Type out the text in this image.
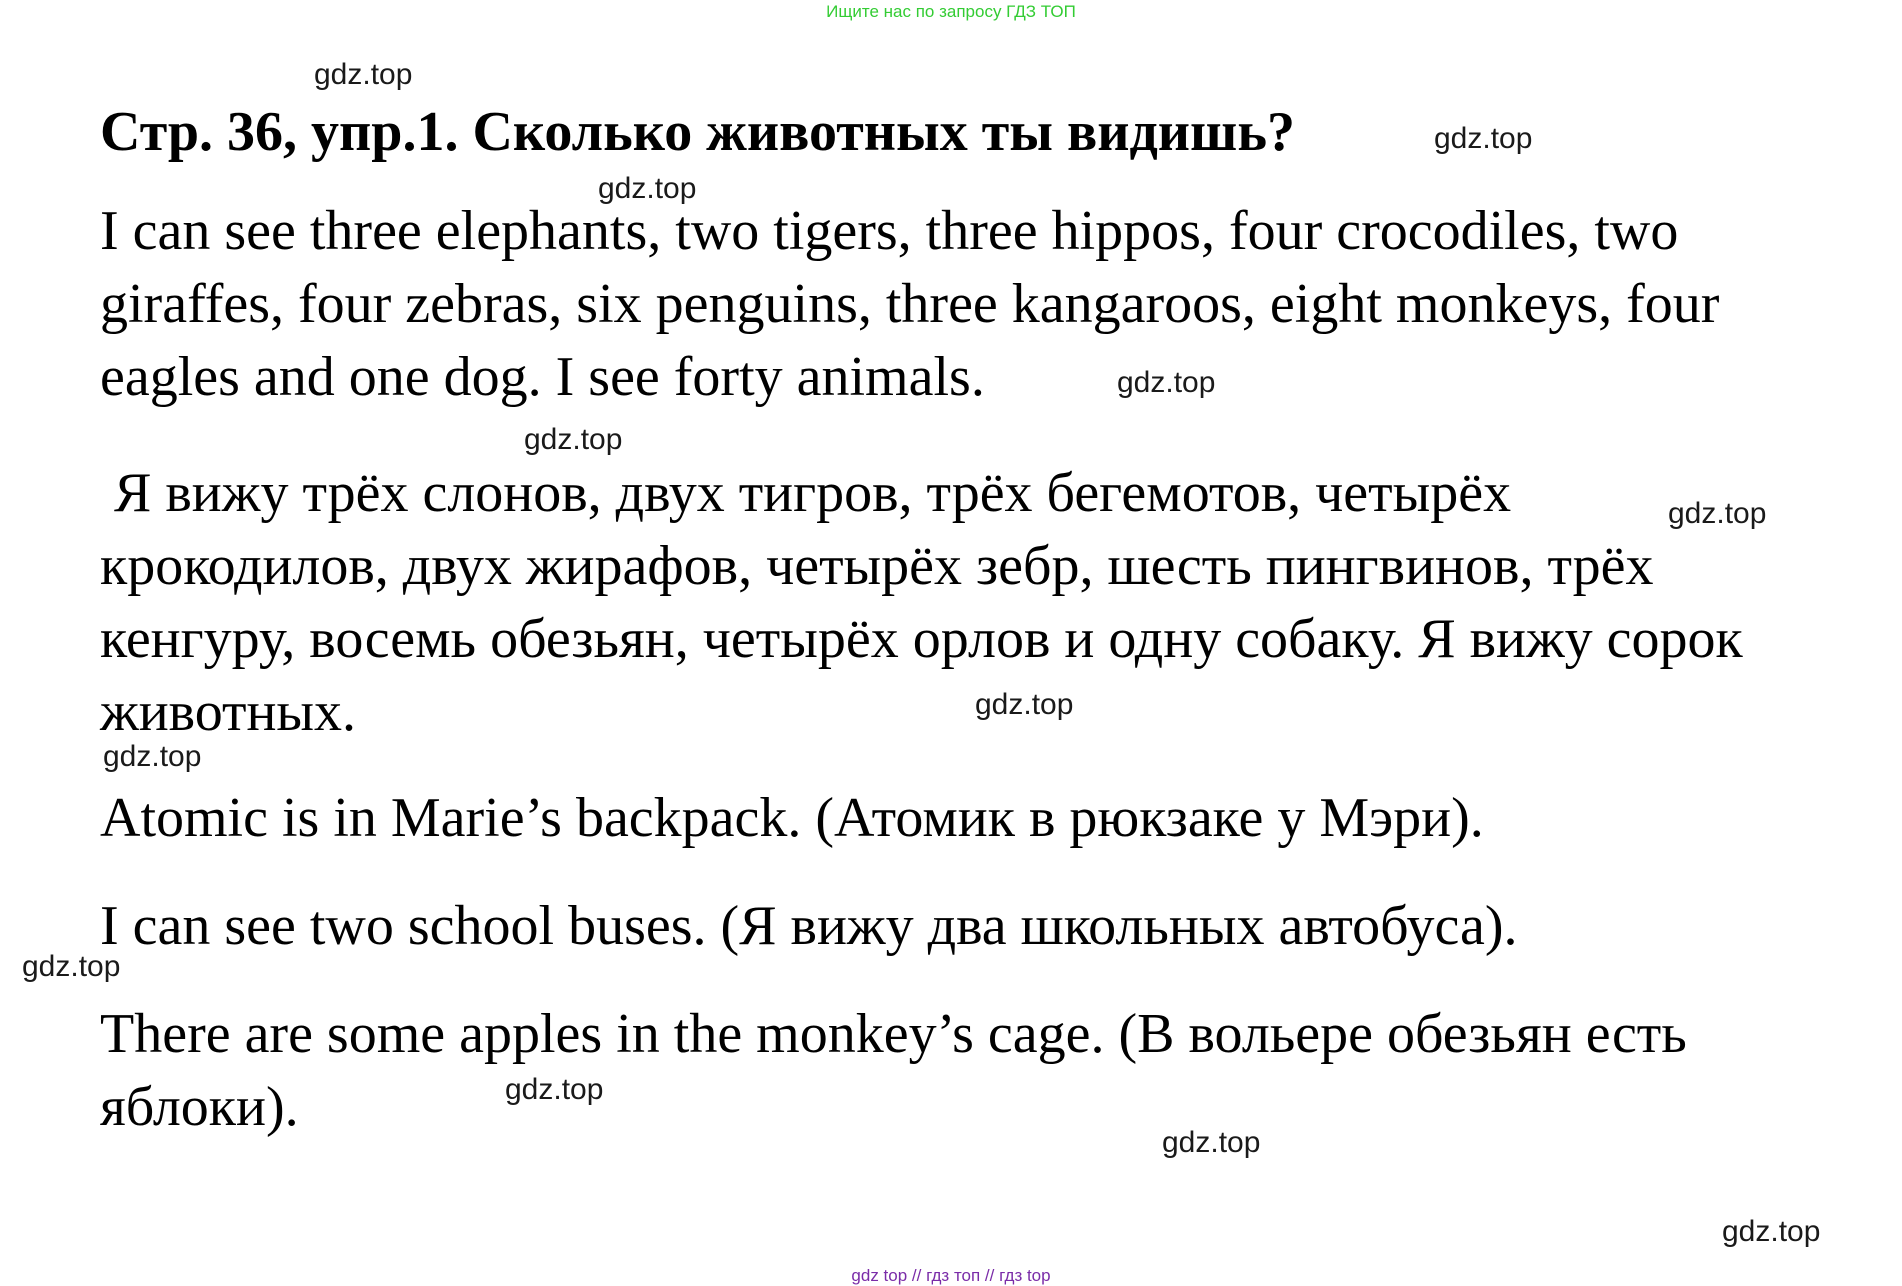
Ищите нас по запросу ГДЗ ТОП
Стр. 36, упр.1. Сколько животных ты видишь?
I can see three elephants, two tigers, three hippos, four crocodiles, two
giraffes, four zebras, six penguins, three kangaroos, eight monkeys, four
eagles and one dog. I see forty animals.
Я вижу трёх слонов, двух тигров, трёх бегемотов, четырёх
крокодилов, двух жирафов, четырёх зебр, шесть пингвинов, трёх
кенгуру, восемь обезьян, четырёх орлов и одну собаку. Я вижу сорок
животных.
Atomic is in Marie’s backpack. (Атомик в рюкзаке у Мэри).
I can see two school buses. (Я вижу два школьных автобуса).
There are some apples in the monkey’s cage. (В вольере обезьян есть
яблоки).
gdz.top
gdz.top
gdz.top
gdz.top
gdz.top
gdz.top
gdz.top
gdz.top
gdz.top
gdz.top
gdz.top
gdz.top
gdz top // гдз топ // гдз top
